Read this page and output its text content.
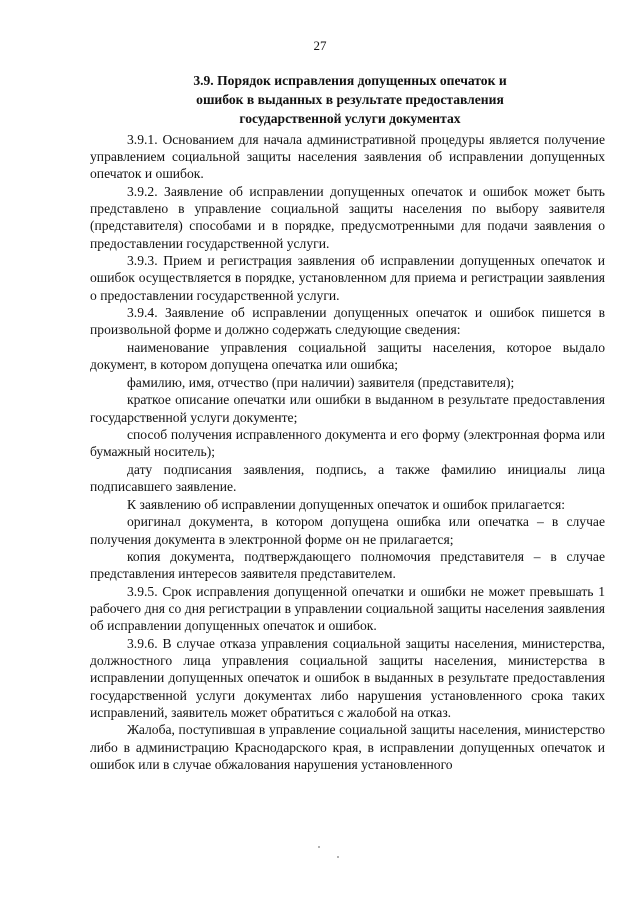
27
3.9. Порядок исправления допущенных опечаток и
ошибок в выданных в результате предоставления
государственной услуги документах

3.9.1. Основанием для начала административной процедуры является получение управлением социальной защиты населения заявления об исправлении допущенных опечаток и ошибок.

3.9.2. Заявление об исправлении допущенных опечаток и ошибок может быть представлено в управление социальной защиты населения по выбору заявителя (представителя) способами и в порядке, предусмотренными для подачи заявления о предоставлении государственной услуги.

3.9.3. Прием и регистрация заявления об исправлении допущенных опечаток и ошибок осуществляется в порядке, установленном для приема и регистрации заявления о предоставлении государственной услуги.

3.9.4. Заявление об исправлении допущенных опечаток и ошибок пишется в произвольной форме и должно содержать следующие сведения:

наименование управления социальной защиты населения, которое выдало документ, в котором допущена опечатка или ошибка;

фамилию, имя, отчество (при наличии) заявителя (представителя);

краткое описание опечатки или ошибки в выданном в результате предоставления государственной услуги документе;

способ получения исправленного документа и его форму (электронная форма или бумажный носитель);

дату подписания заявления, подпись, а также фамилию инициалы лица подписавшего заявление.

К заявлению об исправлении допущенных опечаток и ошибок прилагается:

оригинал документа, в котором допущена ошибка или опечатка – в случае получения документа в электронной форме он не прилагается;

копия документа, подтверждающего полномочия представителя – в случае представления интересов заявителя представителем.

3.9.5. Срок исправления допущенной опечатки и ошибки не может превышать 1 рабочего дня со дня регистрации в управлении социальной защиты населения заявления об исправлении допущенных опечаток и ошибок.

3.9.6. В случае отказа управления социальной защиты населения, министерства, должностного лица управления социальной защиты населения, министерства в исправлении допущенных опечаток и ошибок в выданных в результате предоставления государственной услуги документах либо нарушения установленного срока таких исправлений, заявитель может обратиться с жалобой на отказ.

Жалоба, поступившая в управление социальной защиты населения, министерство либо в администрацию Краснодарского края, в исправлении допущенных опечаток и ошибок или в случае обжалования нарушения установленного
